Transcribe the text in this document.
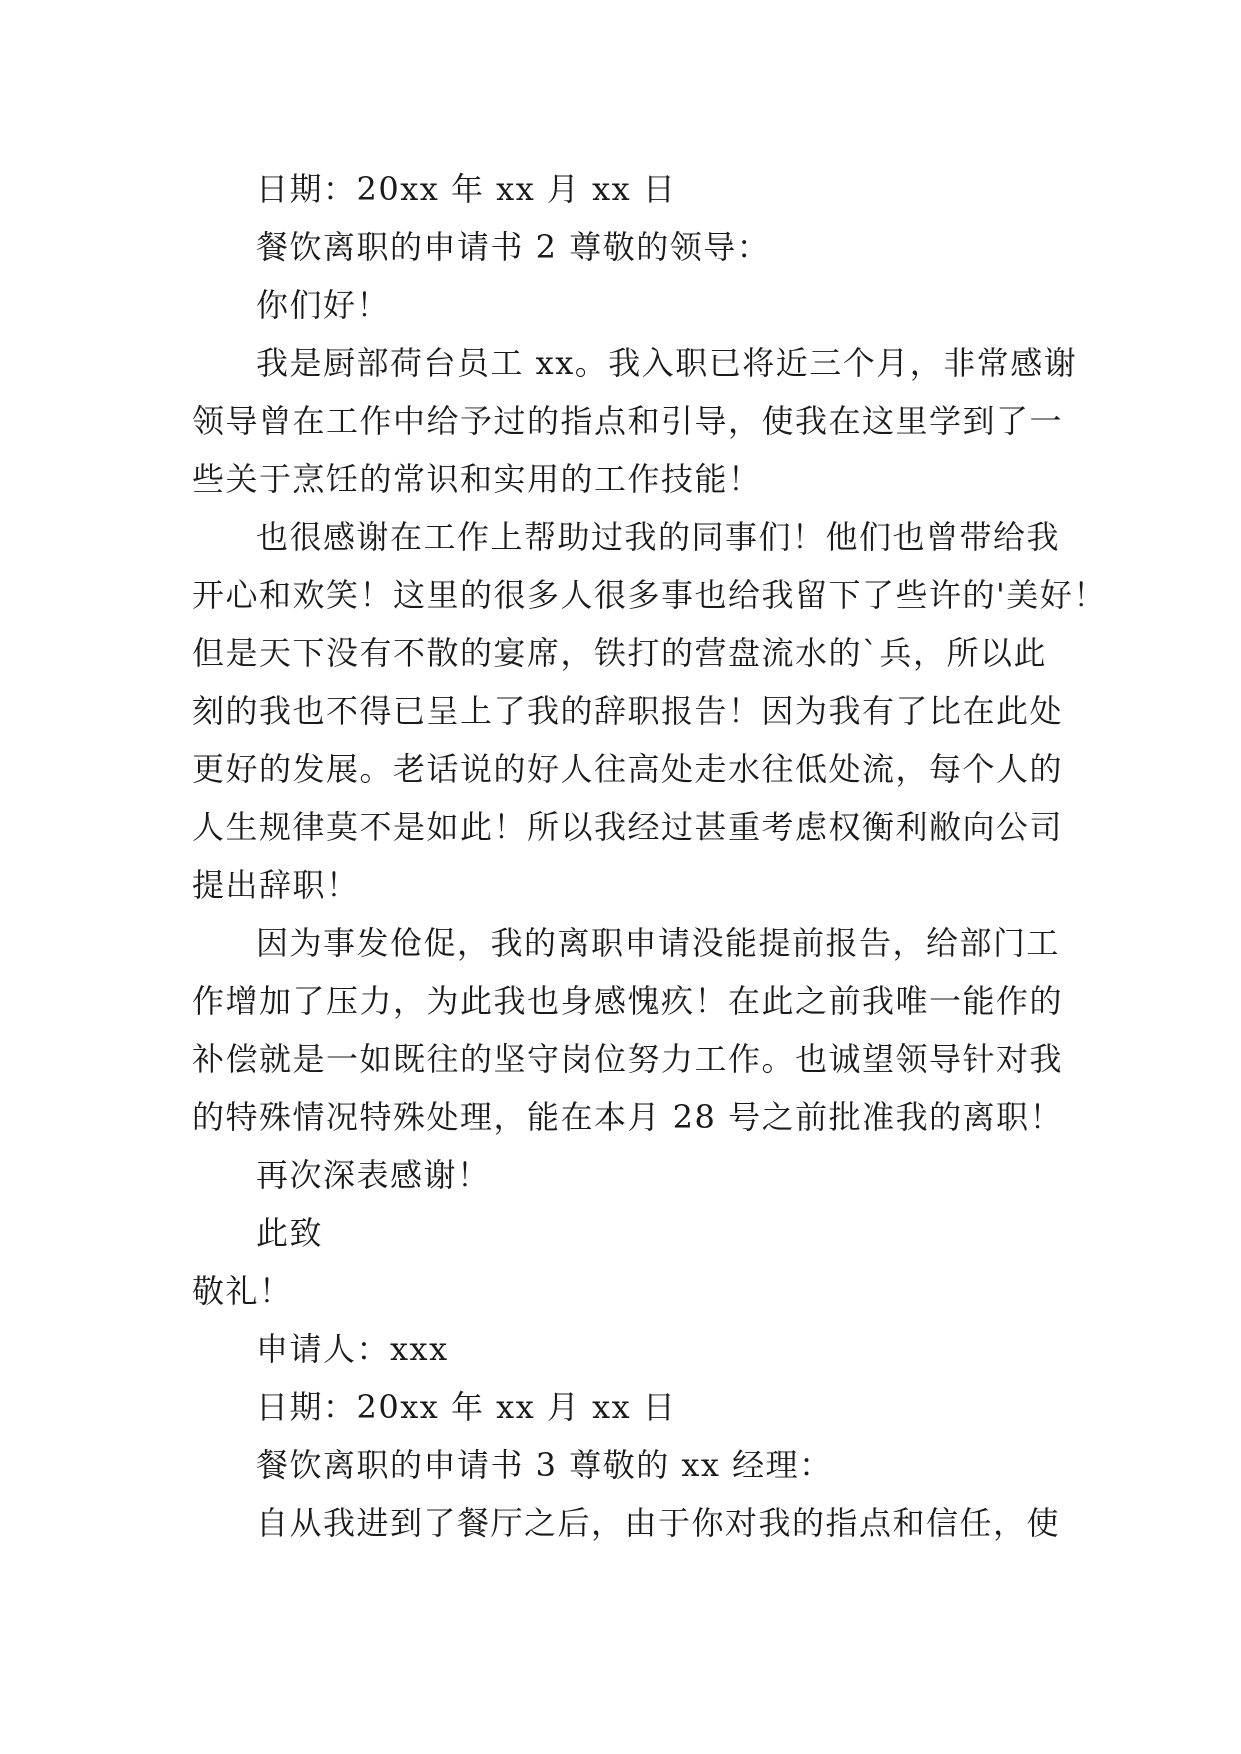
日期：20xx 年 xx 月 xx 日
餐饮离职的申请书 2 尊敬的领导：
你们好！
我是厨部荷台员工 xx。我入职已将近三个月，非常感谢
领导曾在工作中给予过的指点和引导，使我在这里学到了一
些关于烹饪的常识和实用的工作技能！
也很感谢在工作上帮助过我的同事们！他们也曾带给我
开心和欢笑！这里的很多人很多事也给我留下了些许的'美好！
但是天下没有不散的宴席，铁打的营盘流水的`兵，所以此
刻的我也不得已呈上了我的辞职报告！因为我有了比在此处
更好的发展。老话说的好人往高处走水往低处流，每个人的
人生规律莫不是如此！所以我经过甚重考虑权衡利敝向公司
提出辞职！
因为事发伧促，我的离职申请没能提前报告，给部门工
作增加了压力，为此我也身感愧疚！在此之前我唯一能作的
补偿就是一如既往的坚守岗位努力工作。也诚望领导针对我
的特殊情况特殊处理，能在本月 28 号之前批准我的离职！
再次深表感谢！
此致
敬礼！
申请人：xxx
日期：20xx 年 xx 月 xx 日
餐饮离职的申请书 3 尊敬的 xx 经理：
自从我进到了餐厅之后，由于你对我的指点和信任，使
